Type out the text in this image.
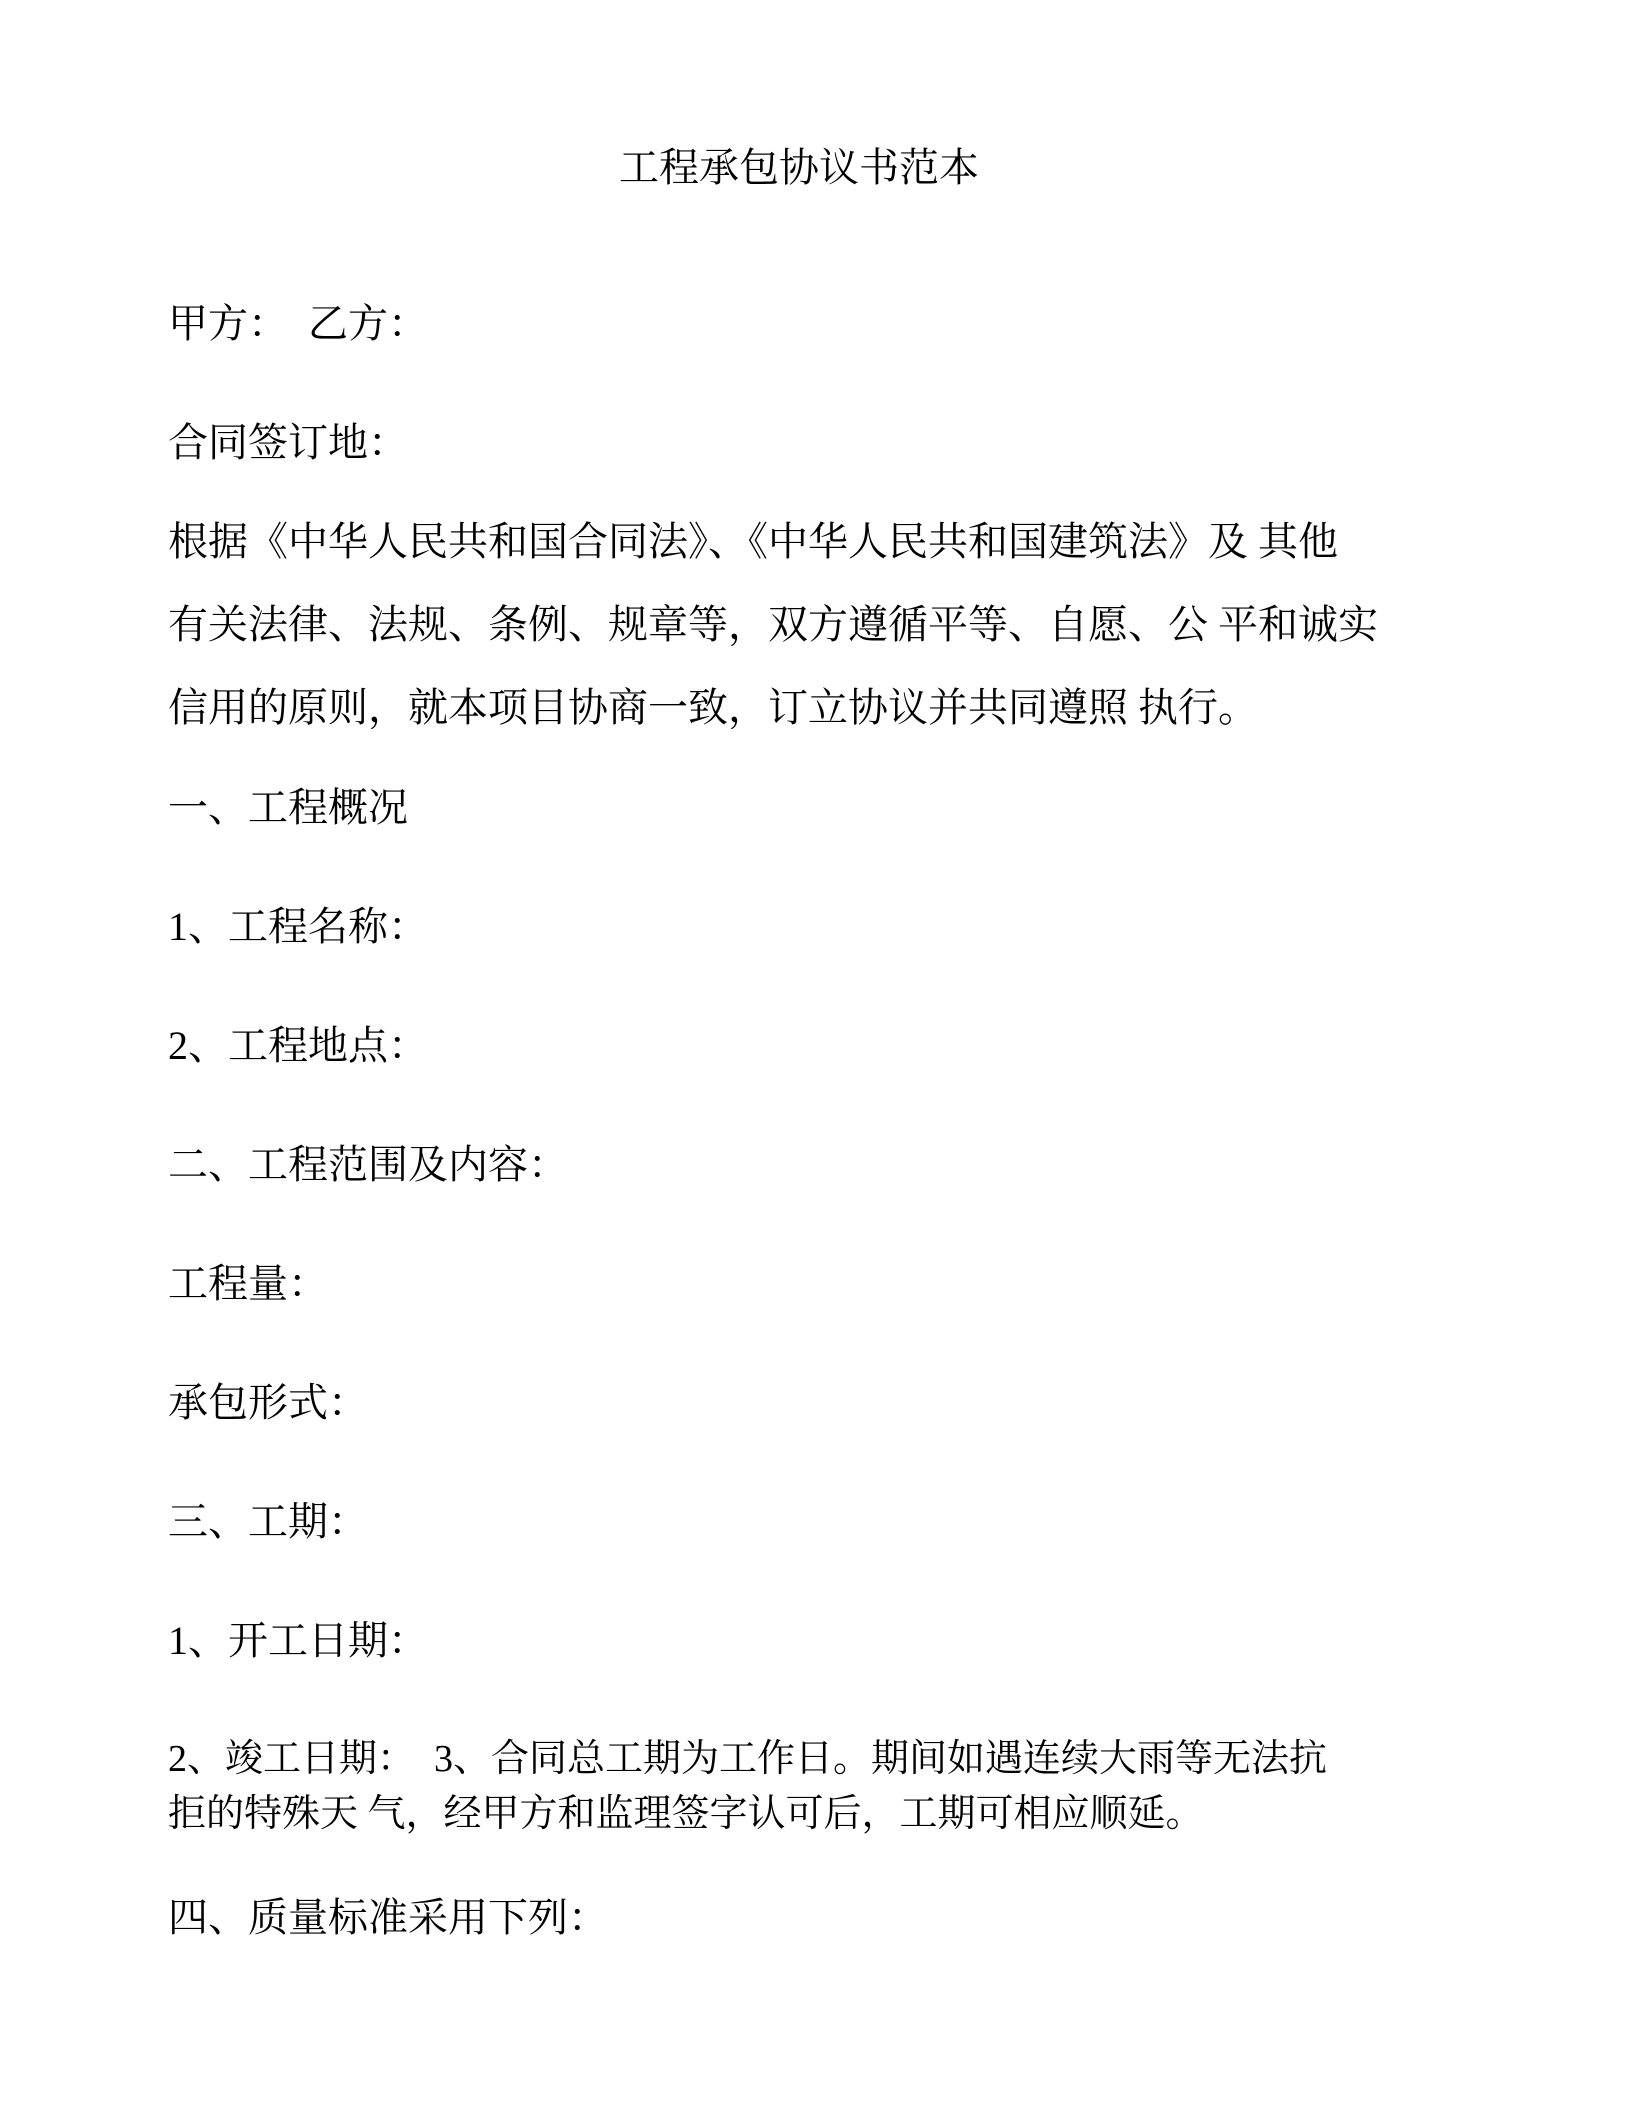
工程承包协议书范本
甲方：　乙方：
合同签订地：
根据《中华人民共和国合同法》、《中华人民共和国建筑法》及 其他
有关法律、法规、条例、规章等，双方遵循平等、自愿、公 平和诚实
信用的原则，就本项目协商一致，订立协议并共同遵照 执行。
一、工程概况
1、工程名称：
2、工程地点：
二、工程范围及内容：
工程量：
承包形式：
三、工期：
1、开工日期：
2、竣工日期：　3、合同总工期为工作日。期间如遇连续大雨等无法抗
拒的特殊天 气，经甲方和监理签字认可后，工期可相应顺延。
四、质量标准采用下列：
